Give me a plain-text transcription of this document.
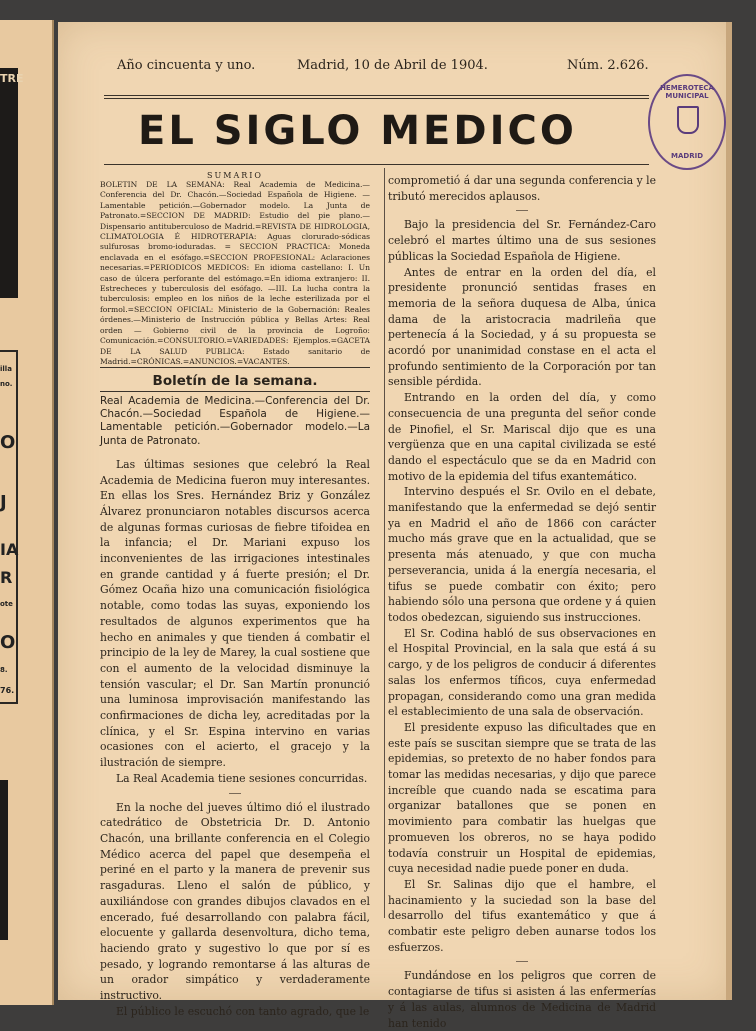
TRE
illa
no.
O
J
IA
R
ote
O
8.
76.
Año cincuenta y uno.	Madrid, 10 de Abril de 1904.	Núm. 2.626.
EL SIGLO MEDICO
HEMEROTECA MUNICIPAL
MADRID
SUMARIO
BOLETIN DE LA SEMANA: Real Academia de Medicina.—Conferencia del Dr. Chacón.—Sociedad Española de Higiene. —Lamentable petición.—Gobernador modelo. La Junta de Patronato.=SECCION DE MADRID: Estudio del pie plano.—Dispensario antituberculoso de Madrid.=REVISTA DE HIDROLOGIA, CLIMATOLOGIA É HIDROTERAPIA: Aguas clorurado-sódicas sulfurosas bromo-ioduradas. = SECCION PRACTICA: Moneda enclavada en el esófago.=SECCION PROFESIONAL: Aclaraciones necesarias.=PERIODICOS MEDICOS: En idioma castellano: I. Un caso de úlcera perforante del estómago.=En idioma extranjero: II. Estrecheces y tuberculosis del esófago. —III. La lucha contra la tuberculosis: empleo en los niños de la leche esterilizada por el formol.=SECCION OFICIAL: Ministerio de la Gobernación: Reales órdenes.—Ministerio de Instrucción pública y Bellas Artes: Real orden — Gobierno civil de la provincia de Logroño: Comunicación.=CONSULTORIO.=VARIEDADES: Ejemplos.=GACETA DE LA SALUD PUBLICA: Estado sanitario de Madrid.=CRÓNICAS.=ANUNCIOS.=VACANTES.
Boletín de la semana.

Real Academia de Medicina.—Conferencia del Dr. Chacón.—Sociedad Española de Higiene.—Lamentable petición.—Gobernador modelo.—La Junta de Patronato.

Las últimas sesiones que celebró la Real Academia de Medicina fueron muy interesantes. En ellas los Sres. Hernández Briz y González Álvarez pronunciaron notables discursos acerca de algunas formas curiosas de fiebre tifoidea en la infancia; el Dr. Mariani expuso los inconvenientes de las irrigaciones intestinales en grande cantidad y á fuerte presión; el Dr. Gómez Ocaña hizo una comunicación fisiológica notable, como todas las suyas, exponiendo los resultados de algunos experimentos que ha hecho en animales y que tienden á combatir el principio de la ley de Marey, la cual sostiene que con el aumento de la velocidad disminuye la tensión vascular; el Dr. San Martín pronunció una luminosa improvisación manifestando las confirmaciones de dicha ley, acreditadas por la clínica, y el Sr. Espina intervino en varias ocasiones con el acierto, el gracejo y la ilustración de siempre.

La Real Academia tiene sesiones concurridas.

En la noche del jueves último dió el ilustrado catedrático de Obstetricia Dr. D. Antonio Chacón, una brillante conferencia en el Colegio Médico acerca del papel que desempeña el periné en el parto y la manera de prevenir sus rasgaduras. Lleno el salón de público, y auxiliándose con grandes dibujos clavados en el encerado, fué desarrollando con palabra fácil, elocuente y gallarda desenvoltura, dicho tema, haciendo grato y sugestivo lo que por sí es pesado, y logrando remontarse á las alturas de un orador simpático y verdaderamente instructivo.

El público le escuchó con tanto agrado, que le

comprometió á dar una segunda conferencia y le tributó merecidos aplausos.

Bajo la presidencia del Sr. Fernández-Caro celebró el martes último una de sus sesiones públicas la Sociedad Española de Higiene.

Antes de entrar en la orden del día, el presidente pronunció sentidas frases en memoria de la señora duquesa de Alba, única dama de la aristocracia madrileña que pertenecía á la Sociedad, y á su propuesta se acordó por unanimidad constase en el acta el profundo sentimiento de la Corporación por tan sensible pérdida.

Entrando en la orden del día, y como consecuencia de una pregunta del señor conde de Pinofiel, el Sr. Mariscal dijo que es una vergüenza que en una capital civilizada se esté dando el espectáculo que se da en Madrid con motivo de la epidemia del tifus exantemático.

Intervino después el Sr. Ovilo en el debate, manifestando que la enfermedad se dejó sentir ya en Madrid el año de 1866 con carácter mucho más grave que en la actualidad, que se presenta más atenuado, y que con mucha perseverancia, unida á la energía necesaria, el tifus se puede combatir con éxito; pero habiendo sólo una persona que ordene y á quien todos obedezcan, siguiendo sus instrucciones.

El Sr. Codina habló de sus observaciones en el Hospital Provincial, en la sala que está á su cargo, y de los peligros de conducir á diferentes salas los enfermos tíficos, cuya enfermedad propagan, considerando como una gran medida el establecimiento de una sala de observación.

El presidente expuso las dificultades que en este país se suscitan siempre que se trata de las epidemias, so pretexto de no haber fondos para tomar las medidas necesarias, y dijo que parece increíble que cuando nada se escatima para organizar batallones que se ponen en movimiento para combatir las huelgas que promueven los obreros, no se haya podido todavía construir un Hospital de epidemias, cuya necesidad nadie puede poner en duda.

El Sr. Salinas dijo que el hambre, el hacinamiento y la suciedad son la base del desarrollo del tifus exantemático y que á combatir este peligro deben aunarse todos los esfuerzos.

Fundándose en los peligros que corren de contagiarse de tifus si asisten á las enfermerías y á las aulas, alumnos de Medicina de Madrid han tenido
